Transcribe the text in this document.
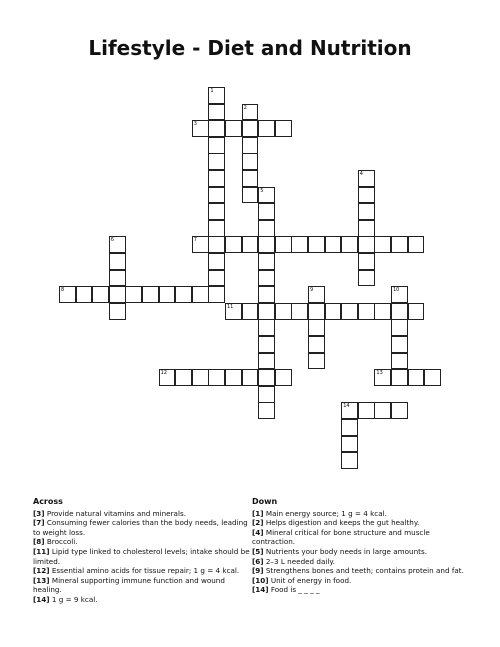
Lifestyle - Diet and Nutrition
1
2
3
4
5
6	7
8	9	10
11
12	13
14
Across
[3] Provide natural vitamins and minerals.
[7] Consuming fewer calories than the body needs, leading to weight loss.
[8] Broccoli.
[11] Lipid type linked to cholesterol levels; intake should be limited.
[12] Essential amino acids for tissue repair; 1 g = 4 kcal.
[13] Mineral supporting immune function and wound healing.
[14] 1 g = 9 kcal.
Down
[1] Main energy source; 1 g = 4 kcal.
[2] Helps digestion and keeps the gut healthy.
[4] Mineral critical for bone structure and muscle contraction.
[5] Nutrients your body needs in large amounts.
[6] 2–3 L needed daily.
[9] Strengthens bones and teeth; contains protein and fat.
[10] Unit of energy in food.
[14] Food is _ _ _ _
